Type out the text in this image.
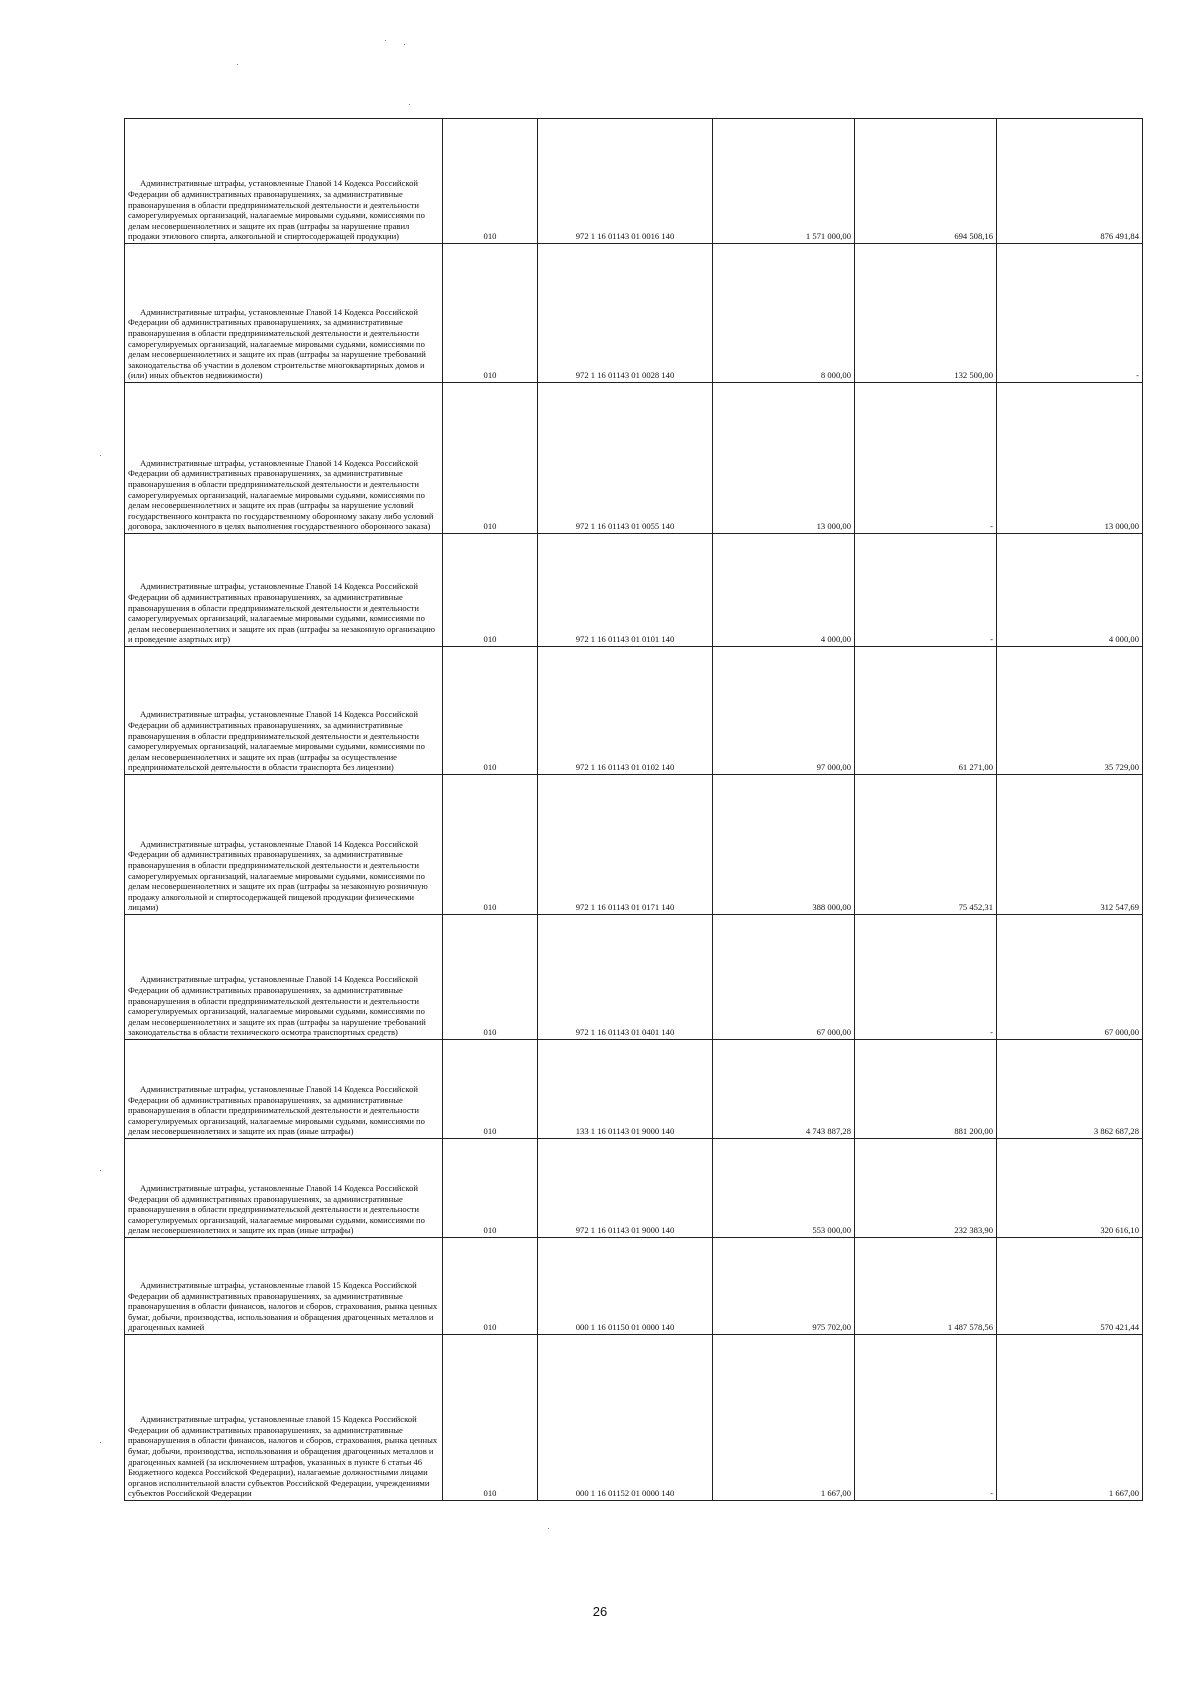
Административные штрафы, установленные Главой 14 Кодекса Российской Федерации об административных правонарушениях, за административные правонарушения в области предпринимательской деятельности и деятельности саморегулируемых организаций, налагаемые мировыми судьями, комиссиями по делам несовершеннолетних и защите их прав (штрафы за нарушение правил продажи этилового спирта, алкогольной и спиртосодержащей продукции)	010	972 1 16 01143 01 0016 140	1 571 000,00	694 508,16	876 491,84

Административные штрафы, установленные Главой 14 Кодекса Российской Федерации об административных правонарушениях, за административные правонарушения в области предпринимательской деятельности и деятельности саморегулируемых организаций, налагаемые мировыми судьями, комиссиями по делам несовершеннолетних и защите их прав (штрафы за нарушение требований законодательства об участии в долевом строительстве многоквартирных домов и (или) иных объектов недвижимости)	010	972 1 16 01143 01 0028 140	8 000,00	132 500,00	-

Административные штрафы, установленные Главой 14 Кодекса Российской Федерации об административных правонарушениях, за административные правонарушения в области предпринимательской деятельности и деятельности саморегулируемых организаций, налагаемые мировыми судьями, комиссиями по делам несовершеннолетних и защите их прав (штрафы за нарушение условий государственного контракта по государственному оборонному заказу либо условий договора, заключенного в целях выполнения государственного оборонного заказа)	010	972 1 16 01143 01 0055 140	13 000,00	-	13 000,00

Административные штрафы, установленные Главой 14 Кодекса Российской Федерации об административных правонарушениях, за административные правонарушения в области предпринимательской деятельности и деятельности саморегулируемых организаций, налагаемые мировыми судьями, комиссиями по делам несовершеннолетних и защите их прав (штрафы за незаконную организацию и проведение азартных игр)	010	972 1 16 01143 01 0101 140	4 000,00	-	4 000,00

Административные штрафы, установленные Главой 14 Кодекса Российской Федерации об административных правонарушениях, за административные правонарушения в области предпринимательской деятельности и деятельности саморегулируемых организаций, налагаемые мировыми судьями, комиссиями по делам несовершеннолетних и защите их прав (штрафы за осуществление предпринимательской деятельности в области транспорта без лицензии)	010	972 1 16 01143 01 0102 140	97 000,00	61 271,00	35 729,00

Административные штрафы, установленные Главой 14 Кодекса Российской Федерации об административных правонарушениях, за административные правонарушения в области предпринимательской деятельности и деятельности саморегулируемых организаций, налагаемые мировыми судьями, комиссиями по делам несовершеннолетних и защите их прав (штрафы за незаконную розничную продажу алкогольной и спиртосодержащей пищевой продукции физическими лицами)	010	972 1 16 01143 01 0171 140	388 000,00	75 452,31	312 547,69

Административные штрафы, установленные Главой 14 Кодекса Российской Федерации об административных правонарушениях, за административные правонарушения в области предпринимательской деятельности и деятельности саморегулируемых организаций, налагаемые мировыми судьями, комиссиями по делам несовершеннолетних и защите их прав (штрафы за нарушение требований законодательства в области технического осмотра транспортных средств)	010	972 1 16 01143 01 0401 140	67 000,00	-	67 000,00

Административные штрафы, установленные Главой 14 Кодекса Российской Федерации об административных правонарушениях, за административные правонарушения в области предпринимательской деятельности и деятельности саморегулируемых организаций, налагаемые мировыми судьями, комиссиями по делам несовершеннолетних и защите их прав (иные штрафы)	010	133 1 16 01143 01 9000 140	4 743 887,28	881 200,00	3 862 687,28

Административные штрафы, установленные Главой 14 Кодекса Российской Федерации об административных правонарушениях, за административные правонарушения в области предпринимательской деятельности и деятельности саморегулируемых организаций, налагаемые мировыми судьями, комиссиями по делам несовершеннолетних и защите их прав (иные штрафы)	010	972 1 16 01143 01 9000 140	553 000,00	232 383,90	320 616,10

Административные штрафы, установленные главой 15 Кодекса Российской Федерации об административных правонарушениях, за административные правонарушения в области финансов, налогов и сборов, страхования, рынка ценных бумаг, добычи, производства, использования и обращения драгоценных металлов и драгоценных камней	010	000 1 16 01150 01 0000 140	975 702,00	1 487 578,56	570 421,44

Административные штрафы, установленные главой 15 Кодекса Российской Федерации об административных правонарушениях, за административные правонарушения в области финансов, налогов и сборов, страхования, рынка ценных бумаг, добычи, производства, использования и обращения драгоценных металлов и драгоценных камней (за исключением штрафов, указанных в пункте 6 статьи 46 Бюджетного кодекса Российской Федерации), налагаемые должностными лицами органов исполнительной власти субъектов Российской Федерации, учреждениями субъектов Российской Федерации	010	000 1 16 01152 01 0000 140	1 667,00	-	1 667,00
26
